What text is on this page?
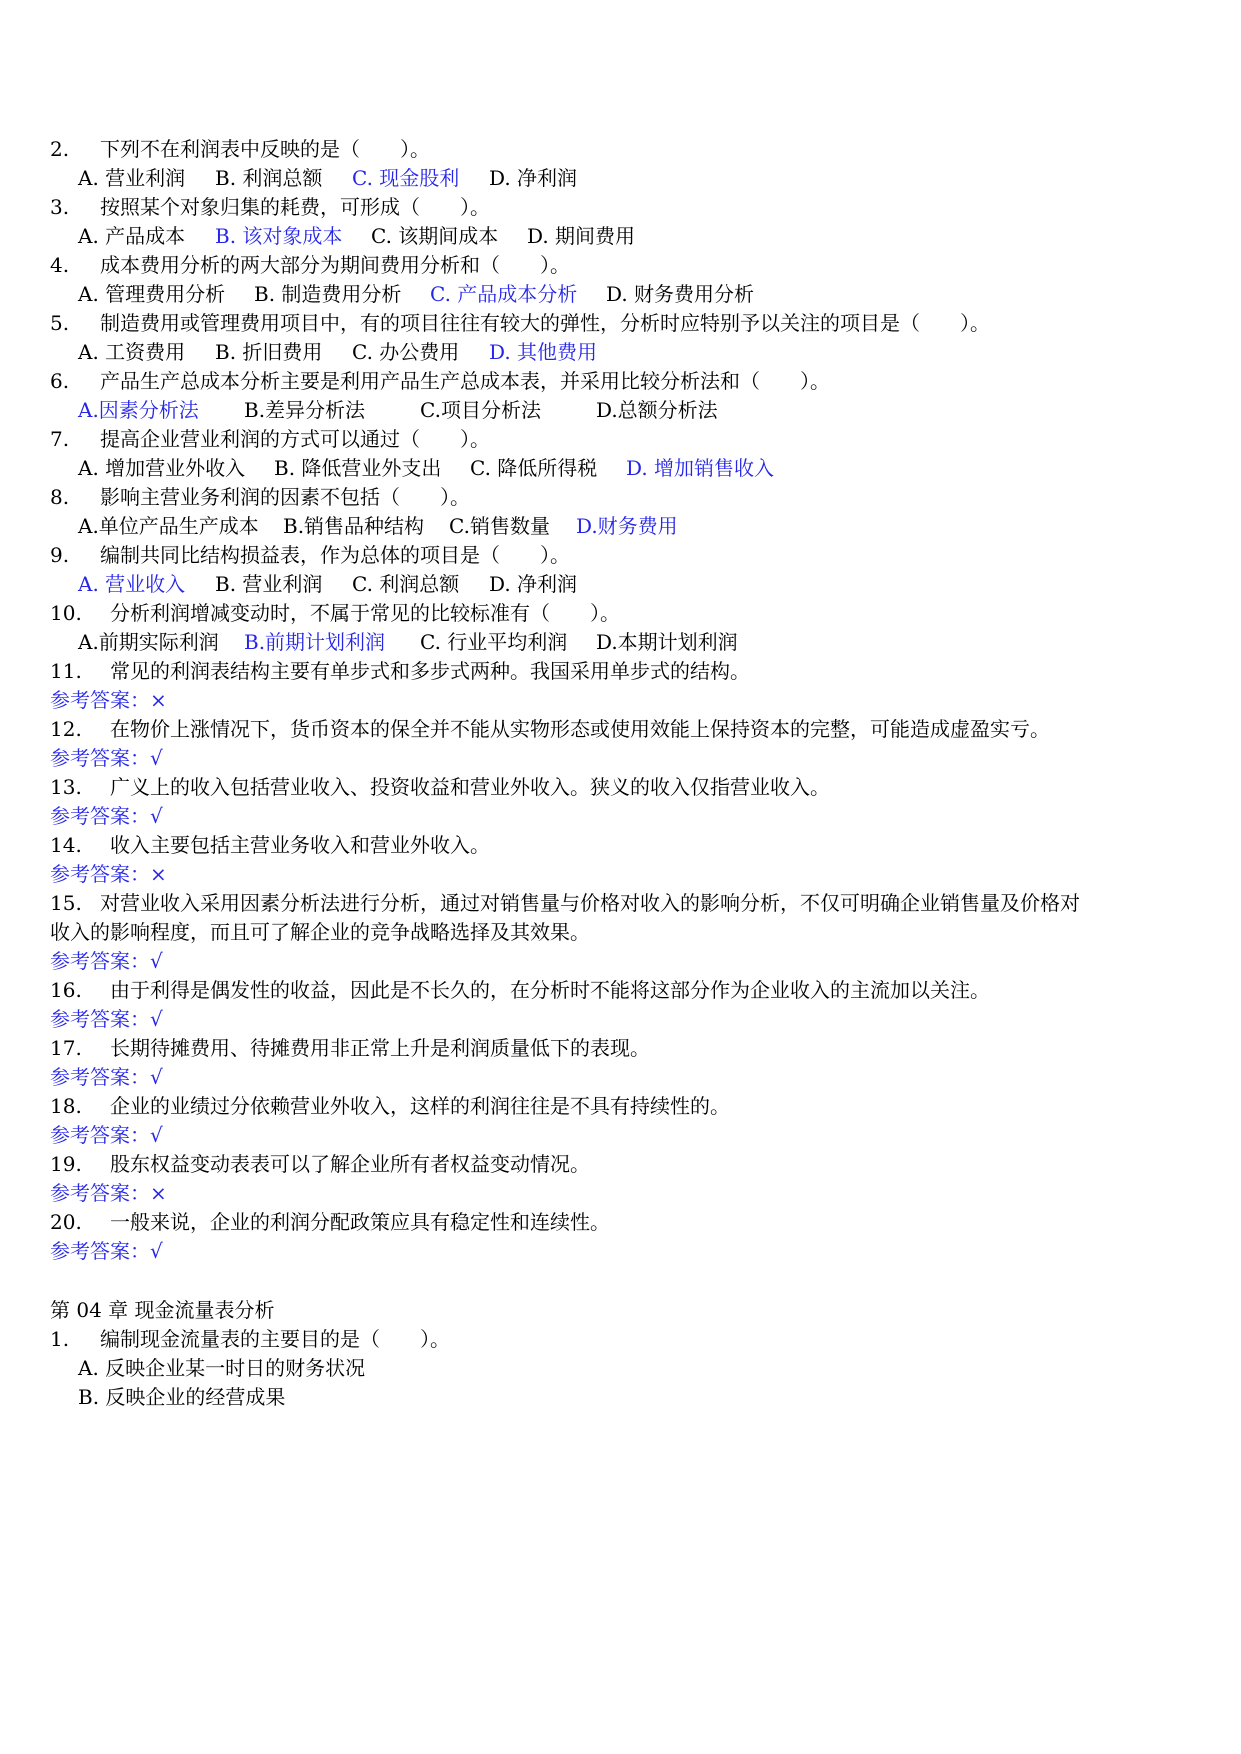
2. 下列不在利润表中反映的是（　　）。
A. 营业利润 B. 利润总额 C. 现金股利 D. 净利润
3. 按照某个对象归集的耗费，可形成（　　）。
A. 产品成本 B. 该对象成本 C. 该期间成本 D. 期间费用
4. 成本费用分析的两大部分为期间费用分析和（　　）。
A. 管理费用分析 B. 制造费用分析 C. 产品成本分析 D. 财务费用分析
5. 制造费用或管理费用项目中，有的项目往往有较大的弹性，分析时应特别予以关注的项目是（　　）。
A. 工资费用 B. 折旧费用 C. 办公费用 D. 其他费用
6. 产品生产总成本分析主要是利用产品生产总成本表，并采用比较分析法和（　　）。
A.因素分析法 B.差异分析法	C.项目分析法	D.总额分析法
7. 提高企业营业利润的方式可以通过（　　）。
A. 增加营业外收入 B. 降低营业外支出 C. 降低所得税 D. 增加销售收入
8. 影响主营业务利润的因素不包括（　　）。
A.单位产品生产成本 B.销售品种结构 C.销售数量 D.财务费用
9. 编制共同比结构损益表，作为总体的项目是（　　）。
A. 营业收入 B. 营业利润 C. 利润总额 D. 净利润
10. 分析利润增减变动时，不属于常见的比较标准有（　　）。
A.前期实际利润 B.前期计划利润 C. 行业平均利润 D.本期计划利润
11. 常见的利润表结构主要有单步式和多步式两种。我国采用单步式的结构。
参考答案：×
12. 在物价上涨情况下，货币资本的保全并不能从实物形态或使用效能上保持资本的完整，可能造成虚盈实亏。
参考答案：√
13. 广义上的收入包括营业收入、投资收益和营业外收入。狭义的收入仅指营业收入。
参考答案：√
14. 收入主要包括主营业务收入和营业外收入。
参考答案：×
15. 对营业收入采用因素分析法进行分析，通过对销售量与价格对收入的影响分析，不仅可明确企业销售量及价格对
收入的影响程度，而且可了解企业的竞争战略选择及其效果。
参考答案：√
16. 由于利得是偶发性的收益，因此是不长久的，在分析时不能将这部分作为企业收入的主流加以关注。
参考答案：√
17. 长期待摊费用、待摊费用非正常上升是利润质量低下的表现。
参考答案：√
18. 企业的业绩过分依赖营业外收入，这样的利润往往是不具有持续性的。
参考答案：√
19. 股东权益变动表表可以了解企业所有者权益变动情况。
参考答案：×
20. 一般来说，企业的利润分配政策应具有稳定性和连续性。
参考答案：√
第 04 章 现金流量表分析
1. 编制现金流量表的主要目的是（　　）。
A. 反映企业某一时日的财务状况
B. 反映企业的经营成果
